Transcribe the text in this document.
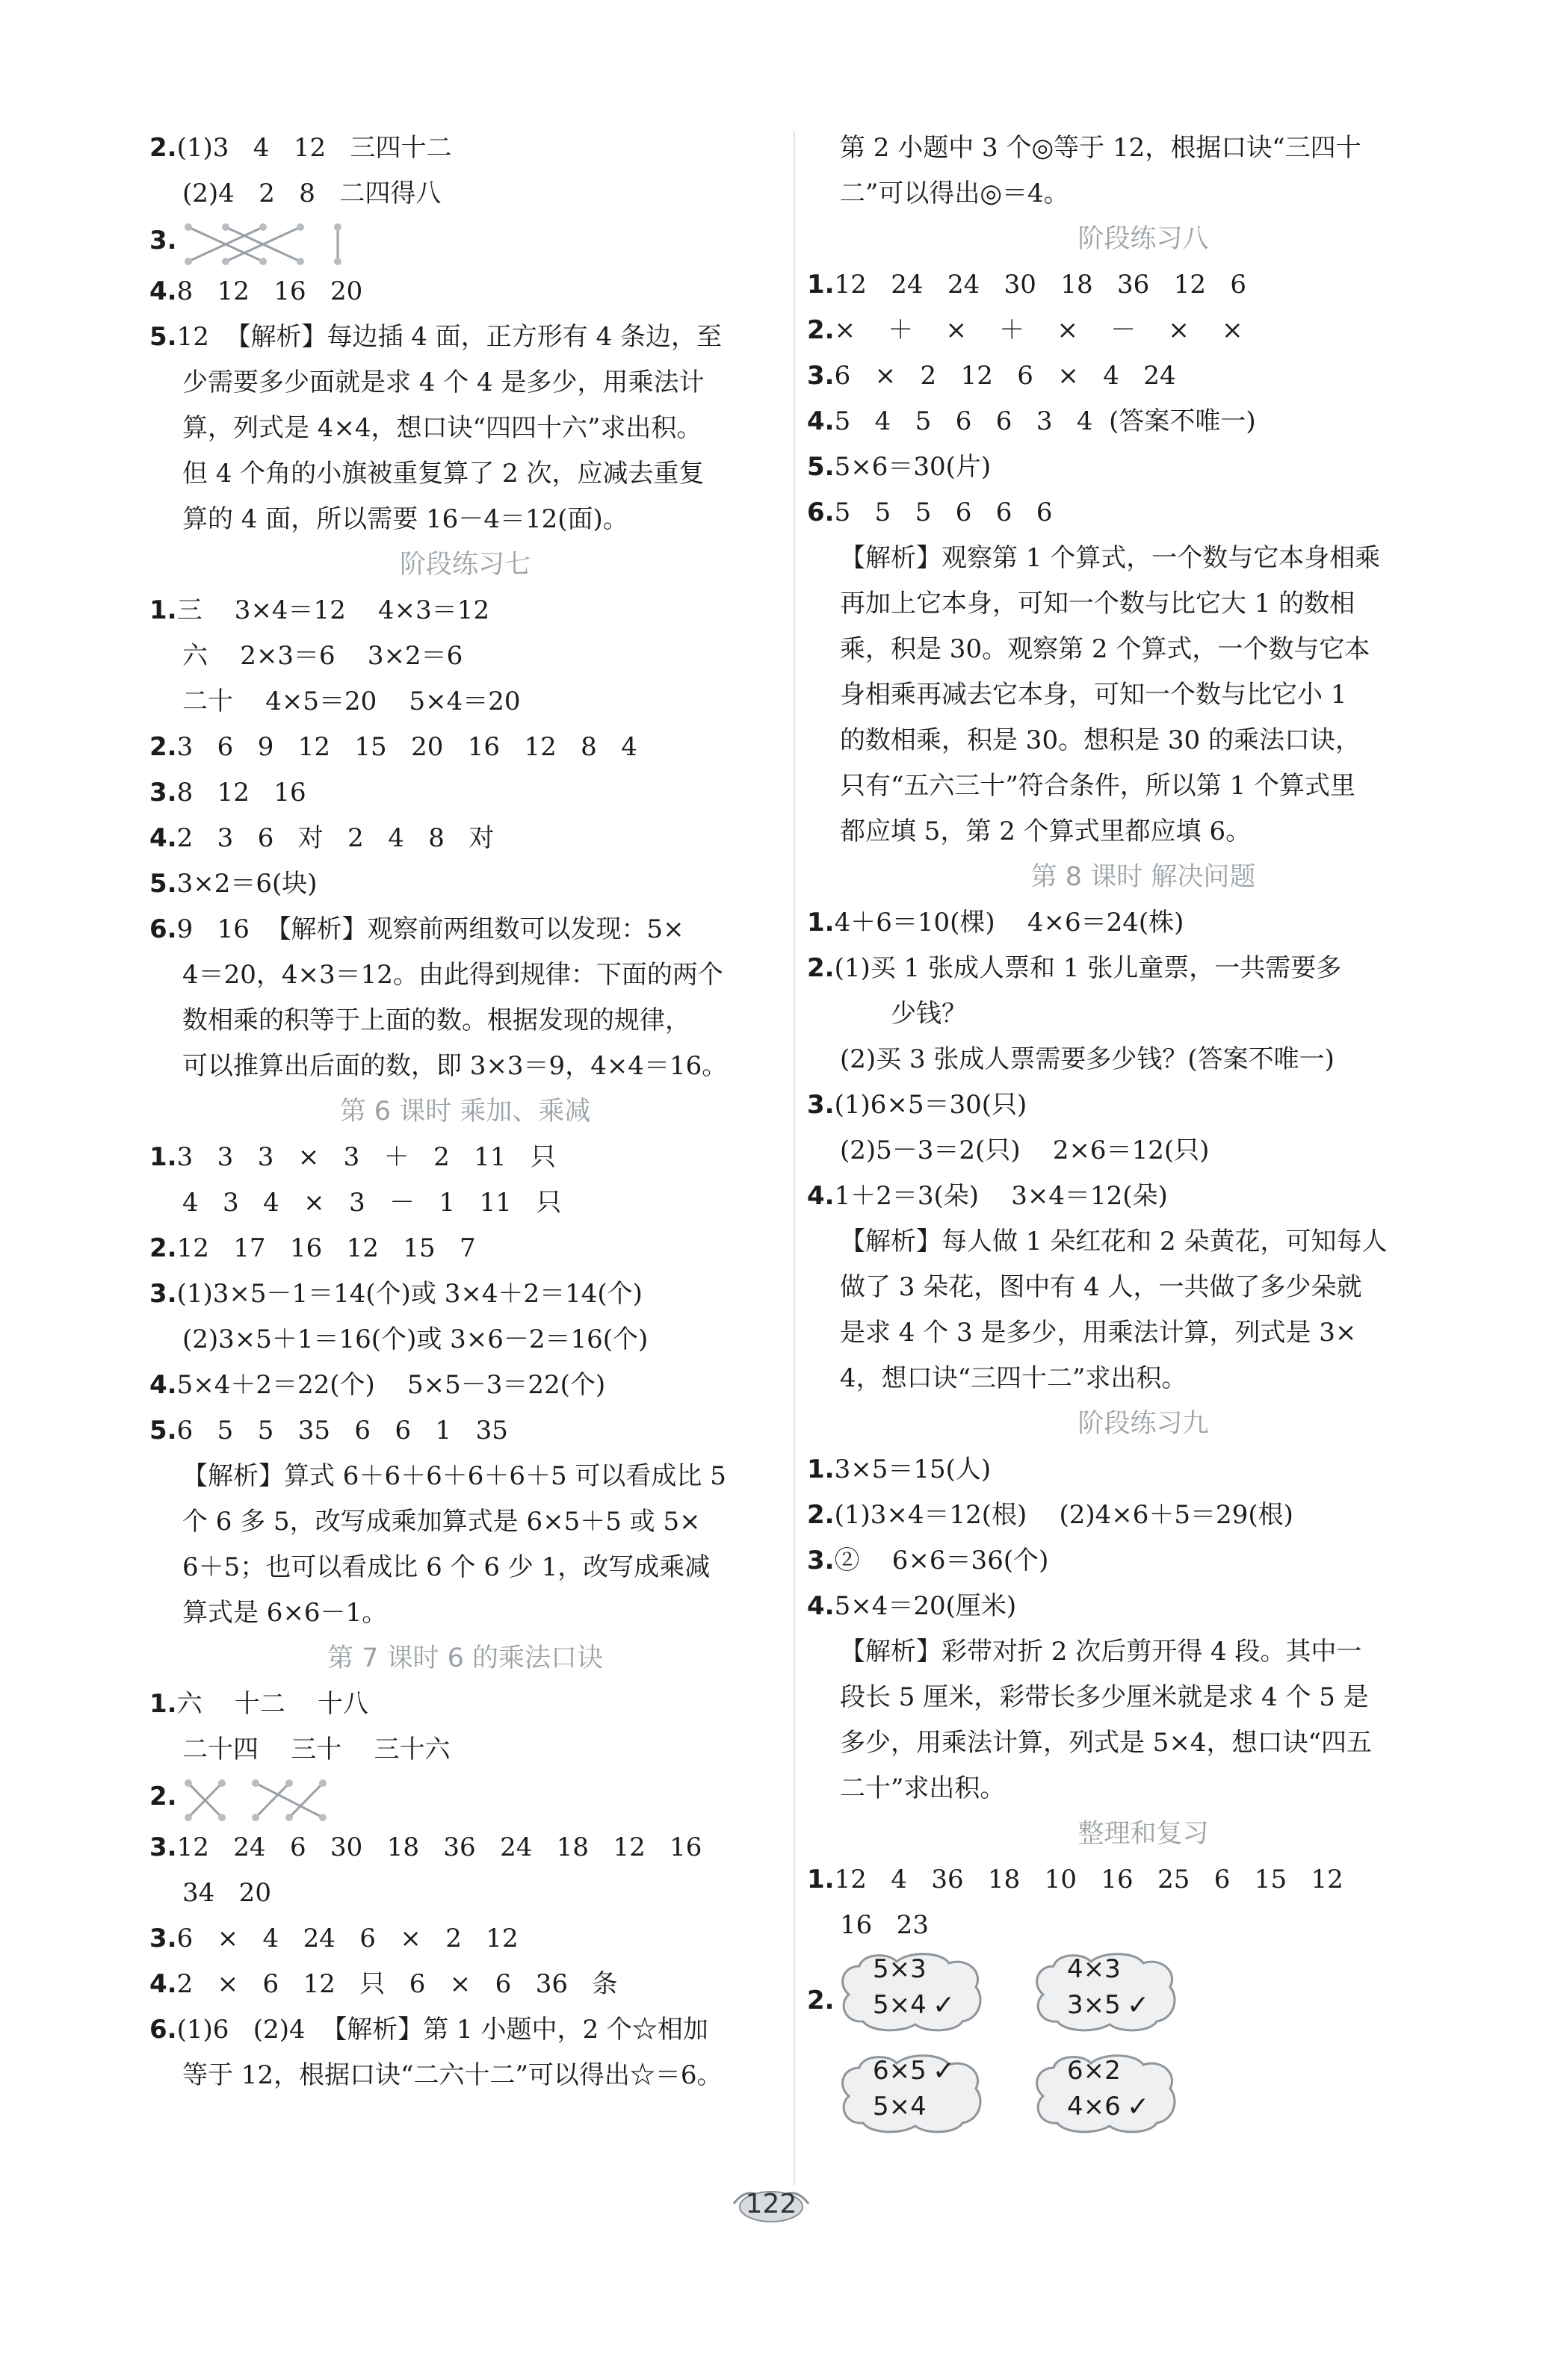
2.(1)3   4   12   三四十二
(2)4   2   8   二四得八
3.
4.8   12   16   20
5.12  【解析】每边插 4 面，正方形有 4 条边，至
少需要多少面就是求 4 个 4 是多少，用乘法计
算，列式是 4×4，想口诀“四四十六”求出积。
但 4 个角的小旗被重复算了 2 次，应减去重复
算的 4 面，所以需要 16－4＝12(面)。
阶段练习七
1.三    3×4＝12    4×3＝12
六    2×3＝6    3×2＝6
二十    4×5＝20    5×4＝20
2.3   6   9   12   15   20   16   12   8   4
3.8   12   16
4.2   3   6   对   2   4   8   对
5.3×2＝6(块)
6.9   16  【解析】观察前两组数可以发现：5×
4＝20，4×3＝12。由此得到规律：下面的两个
数相乘的积等于上面的数。根据发现的规律，
可以推算出后面的数，即 3×3＝9，4×4＝16。
第 6 课时 乘加、乘减
1.3   3   3   ×   3   ＋   2   11   只
4   3   4   ×   3   －   1   11   只
2.12   17   16   12   15   7
3.(1)3×5－1＝14(个)或 3×4＋2＝14(个)
(2)3×5＋1＝16(个)或 3×6－2＝16(个)
4.5×4＋2＝22(个)    5×5－3＝22(个)
5.6   5   5   35   6   6   1   35
【解析】算式 6＋6＋6＋6＋6＋5 可以看成比 5
个 6 多 5，改写成乘加算式是 6×5＋5 或 5×
6＋5；也可以看成比 6 个 6 少 1，改写成乘减
算式是 6×6－1。
第 7 课时 6 的乘法口诀
1.六    十二    十八
二十四    三十    三十六
2.
3.12   24   6   30   18   36   24   18   12   16
34   20
3.6   ×   4   24   6   ×   2   12
4.2   ×   6   12   只   6   ×   6   36   条
6.(1)6   (2)4  【解析】第 1 小题中，2 个☆相加
等于 12，根据口诀“二六十二”可以得出☆＝6。
第 2 小题中 3 个◎等于 12，根据口诀“三四十
二”可以得出◎＝4。
阶段练习八
1.12   24   24   30   18   36   12   6
2.×    ＋    ×    ＋    ×    －    ×    ×
3.6   ×   2   12   6   ×   4   24
4.5   4   5   6   6   3   4  (答案不唯一)
5.5×6＝30(片)
6.5   5   5   6   6   6
【解析】观察第 1 个算式，一个数与它本身相乘
再加上它本身，可知一个数与比它大 1 的数相
乘，积是 30。观察第 2 个算式，一个数与它本
身相乘再减去它本身，可知一个数与比它小 1
的数相乘，积是 30。想积是 30 的乘法口诀，
只有“五六三十”符合条件，所以第 1 个算式里
都应填 5，第 2 个算式里都应填 6。
第 8 课时 解决问题
1.4＋6＝10(棵)    4×6＝24(株)
2.(1)买 1 张成人票和 1 张儿童票，一共需要多
少钱？
(2)买 3 张成人票需要多少钱？(答案不唯一)
3.(1)6×5＝30(只)
(2)5－3＝2(只)    2×6＝12(只)
4.1＋2＝3(朵)    3×4＝12(朵)
【解析】每人做 1 朵红花和 2 朵黄花，可知每人
做了 3 朵花，图中有 4 人，一共做了多少朵就
是求 4 个 3 是多少，用乘法计算，列式是 3×
4，想口诀“三四十二”求出积。
阶段练习九
1.3×5＝15(人)
2.(1)3×4＝12(根)    (2)4×6＋5＝29(根)
3.②    6×6＝36(个)
4.5×4＝20(厘米)
【解析】彩带对折 2 次后剪开得 4 段。其中一
段长 5 厘米，彩带长多少厘米就是求 4 个 5 是
多少，用乘法计算，列式是 5×4，想口诀“四五
二十”求出积。
整理和复习
1.12   4   36   18   10   16   25   6   15   12
16   23
2.
5×3
5×4 ✓
4×3
3×5 ✓
6×5
5×4
✓	6×2
4×6 ✓
122
